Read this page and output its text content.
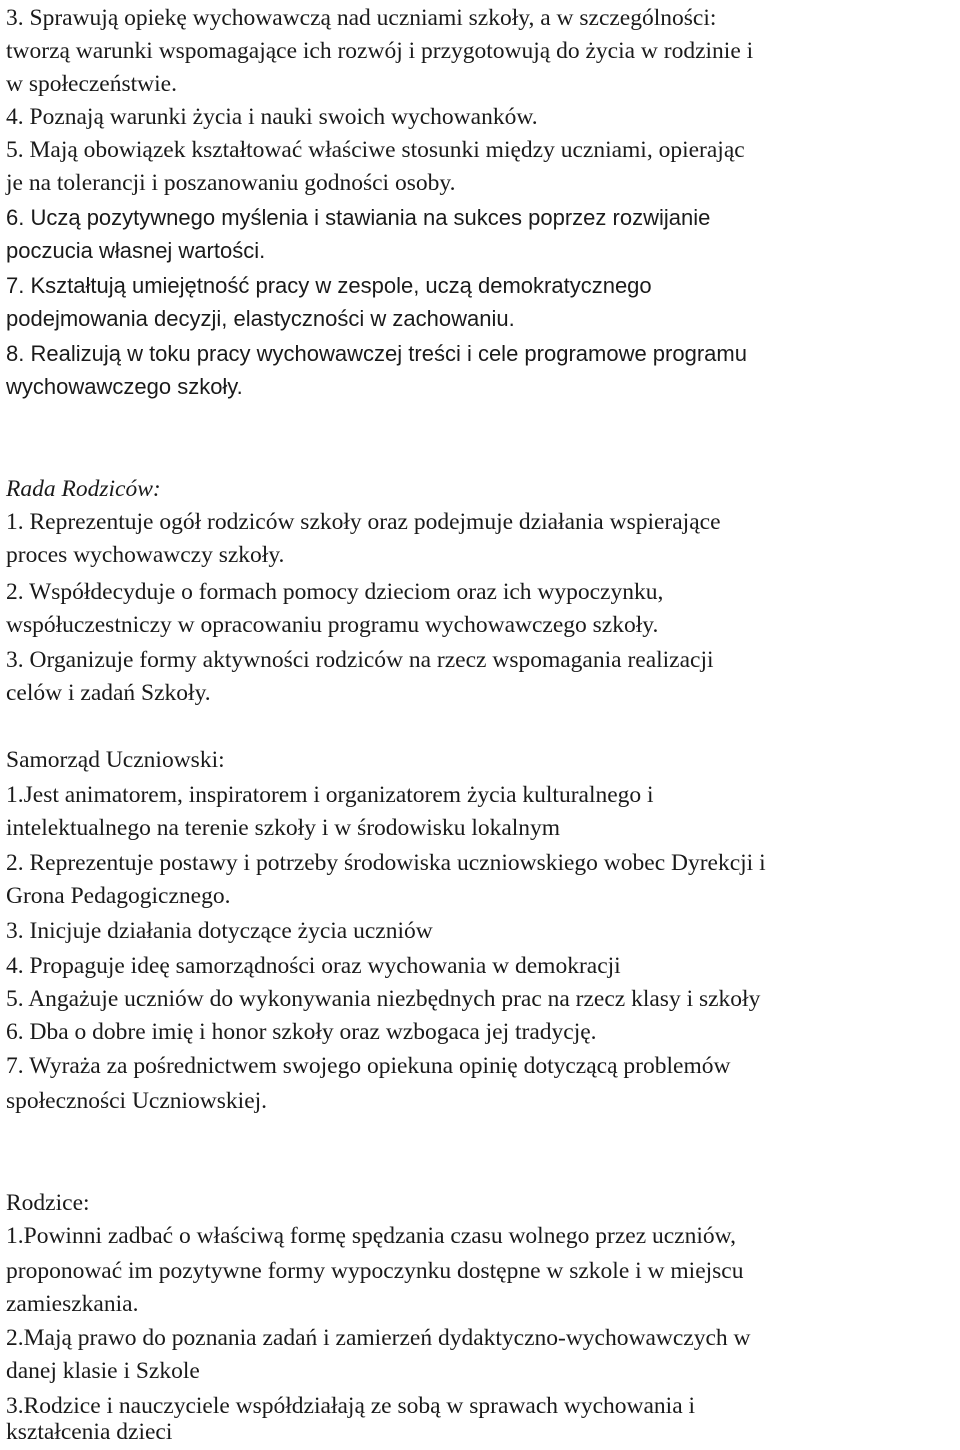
3. Sprawują opiekę wychowawczą nad uczniami szkoły, a w szczególności:
tworzą warunki wspomagające ich rozwój i przygotowują do życia w rodzinie i
w społeczeństwie.
4. Poznają warunki życia i nauki swoich wychowanków.
5. Mają obowiązek kształtować właściwe stosunki między uczniami, opierając
je na tolerancji i poszanowaniu godności osoby.
6. Uczą pozytywnego myślenia i stawiania na sukces poprzez rozwijanie
poczucia własnej wartości.
7. Kształtują umiejętność pracy w zespole, uczą demokratycznego
podejmowania decyzji, elastyczności w zachowaniu.
8. Realizują w toku pracy wychowawczej treści i cele programowe programu
wychowawczego szkoły.
Rada Rodziców:
1. Reprezentuje ogół rodziców szkoły oraz podejmuje działania wspierające
proces wychowawczy szkoły.
2. Współdecyduje o formach pomocy dzieciom oraz ich wypoczynku,
współuczestniczy w opracowaniu programu wychowawczego szkoły.
3. Organizuje formy aktywności rodziców na rzecz wspomagania realizacji
celów i zadań Szkoły.
Samorząd Uczniowski:
1.Jest animatorem, inspiratorem i organizatorem życia kulturalnego i
intelektualnego na terenie szkoły i w środowisku lokalnym
2. Reprezentuje postawy i potrzeby środowiska uczniowskiego wobec Dyrekcji i
Grona Pedagogicznego.
3. Inicjuje działania dotyczące życia uczniów
4. Propaguje ideę samorządności oraz wychowania w demokracji
5. Angażuje uczniów do wykonywania niezbędnych prac na rzecz klasy i szkoły
6. Dba o dobre imię i honor szkoły oraz wzbogaca jej tradycję.
7. Wyraża za pośrednictwem swojego opiekuna opinię dotyczącą problemów
społeczności Uczniowskiej.
Rodzice:
1.Powinni zadbać o właściwą formę spędzania czasu wolnego przez uczniów,
proponować im pozytywne formy wypoczynku dostępne w szkole i w miejscu
zamieszkania.
2.Mają prawo do poznania zadań i zamierzeń dydaktyczno-wychowawczych w
danej klasie i Szkole
3.Rodzice i nauczyciele współdziałają ze sobą w sprawach wychowania i
kształcenia dzieci
